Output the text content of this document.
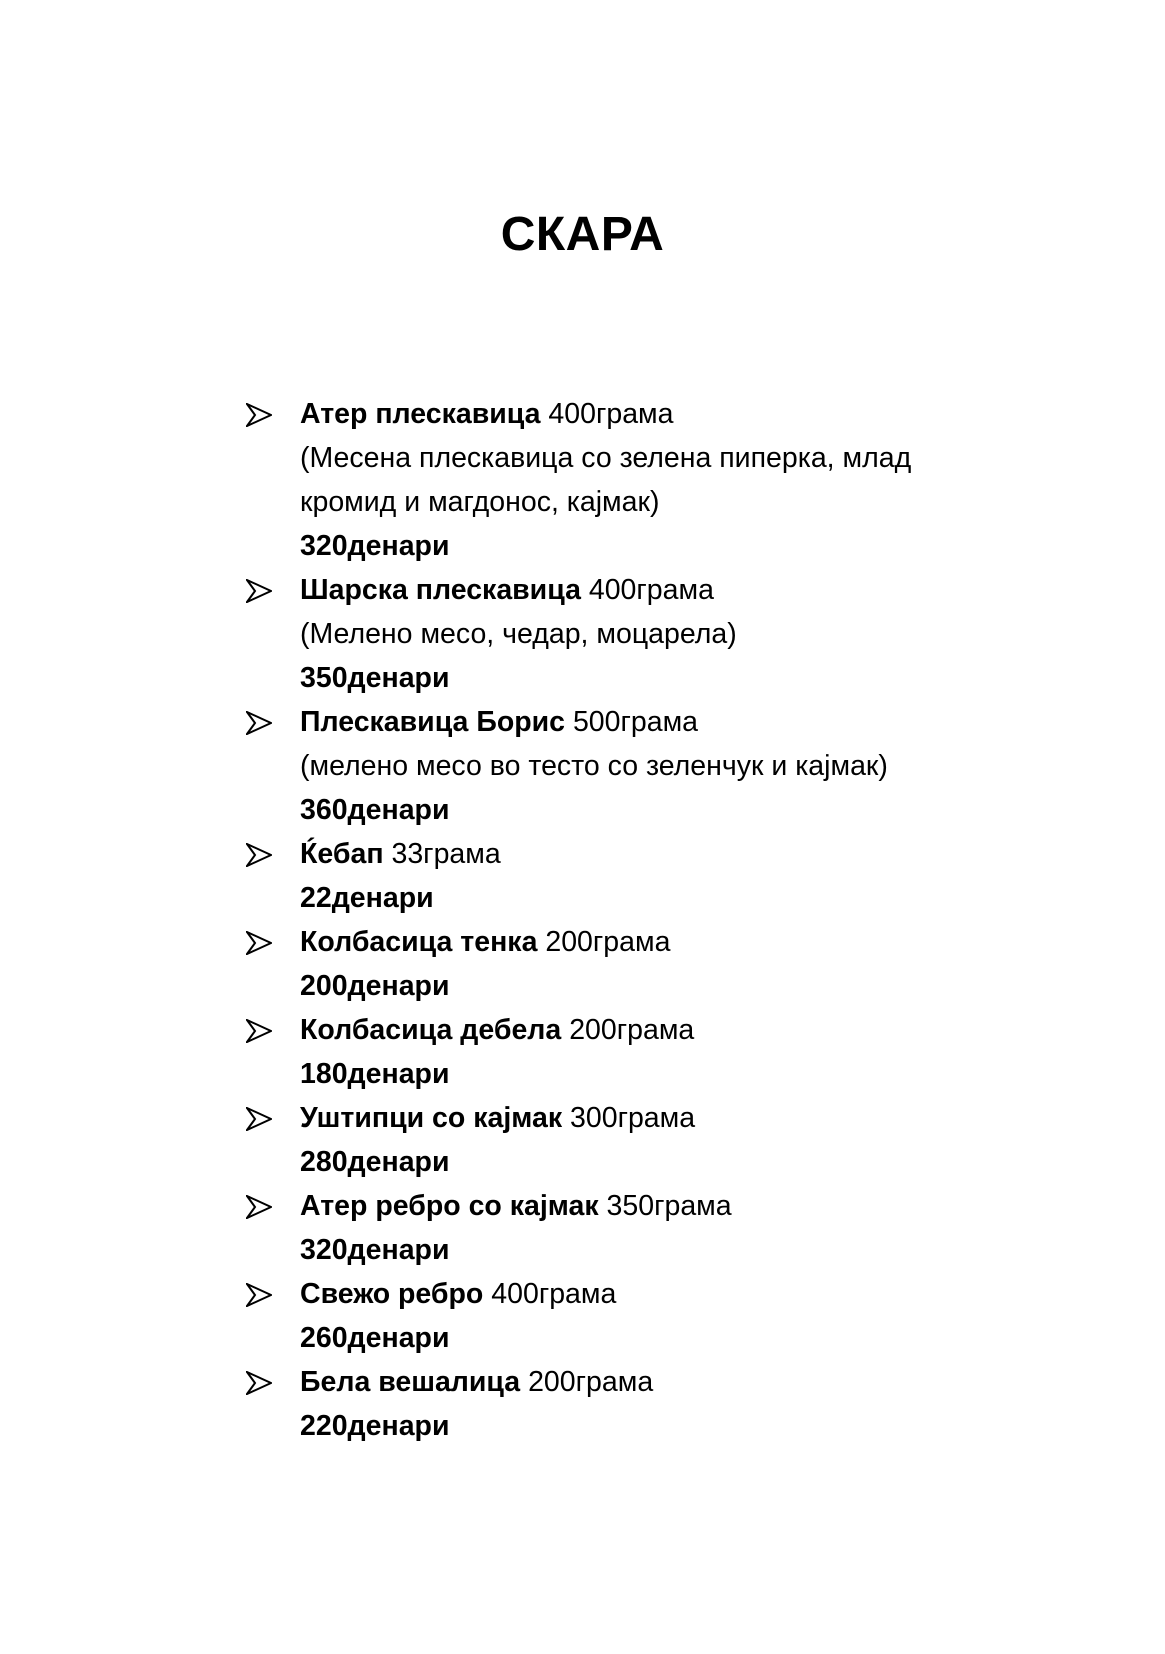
СКАРА
Атер плескавица 400грама
(Месена плескавица со зелена пиперка, млад
кромид и магдонос, кајмак)
320денари
Шарска плескавица 400грама
(Мелено месо, чедар, моцарела)
350денари
Плескавица Борис 500грама
(мелено месо во тесто со зеленчук и кајмак)
360денари
Ќебап 33грама
22денари
Колбасица тенка 200грама
200денари
Колбасица дебела 200грама
180денари
Уштипци со кајмак 300грама
280денари
Атер ребро со кајмак 350грама
320денари
Свежо ребро 400грама
260денари
Бела вешалица 200грама
220денари
